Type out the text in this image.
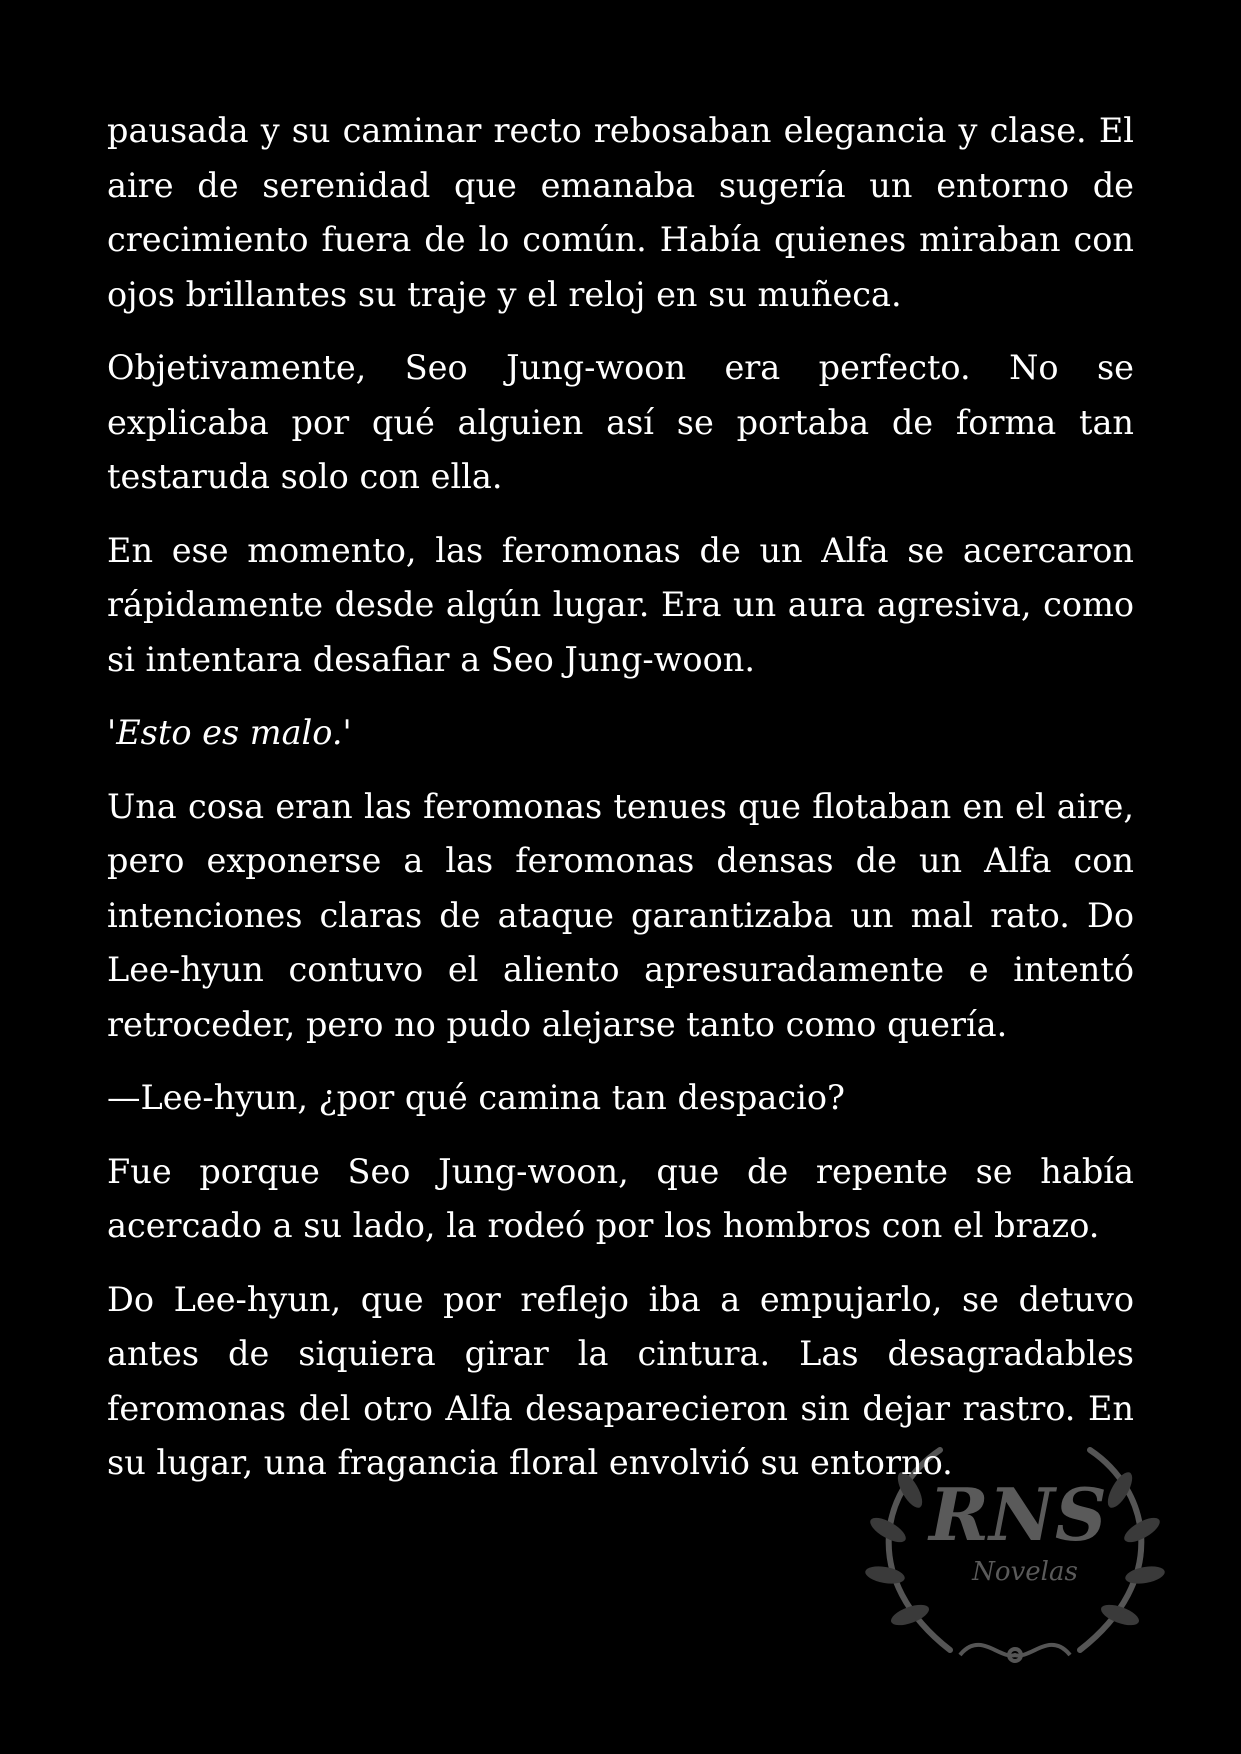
RNS
Novelas

pausada y su caminar recto rebosaban elegancia y clase. El aire de serenidad que emanaba sugería un entorno de crecimiento fuera de lo común. Había quienes miraban con ojos brillantes su traje y el reloj en su muñeca.

Objetivamente, Seo Jung-woon era perfecto. No se explicaba por qué alguien así se portaba de forma tan testaruda solo con ella.

En ese momento, las feromonas de un Alfa se acercaron rápidamente desde algún lugar. Era un aura agresiva, como si intentara desafiar a Seo Jung-woon.

'Esto es malo.'

Una cosa eran las feromonas tenues que flotaban en el aire, pero exponerse a las feromonas densas de un Alfa con intenciones claras de ataque garantizaba un mal rato. Do Lee-hyun contuvo el aliento apresuradamente e intentó retroceder, pero no pudo alejarse tanto como quería.

—Lee-hyun, ¿por qué camina tan despacio?

Fue porque Seo Jung-woon, que de repente se había acercado a su lado, la rodeó por los hombros con el brazo.

Do Lee-hyun, que por reflejo iba a empujarlo, se detuvo antes de siquiera girar la cintura. Las desagradables feromonas del otro Alfa desaparecieron sin dejar rastro. En su lugar, una fragancia floral envolvió su entorno.
